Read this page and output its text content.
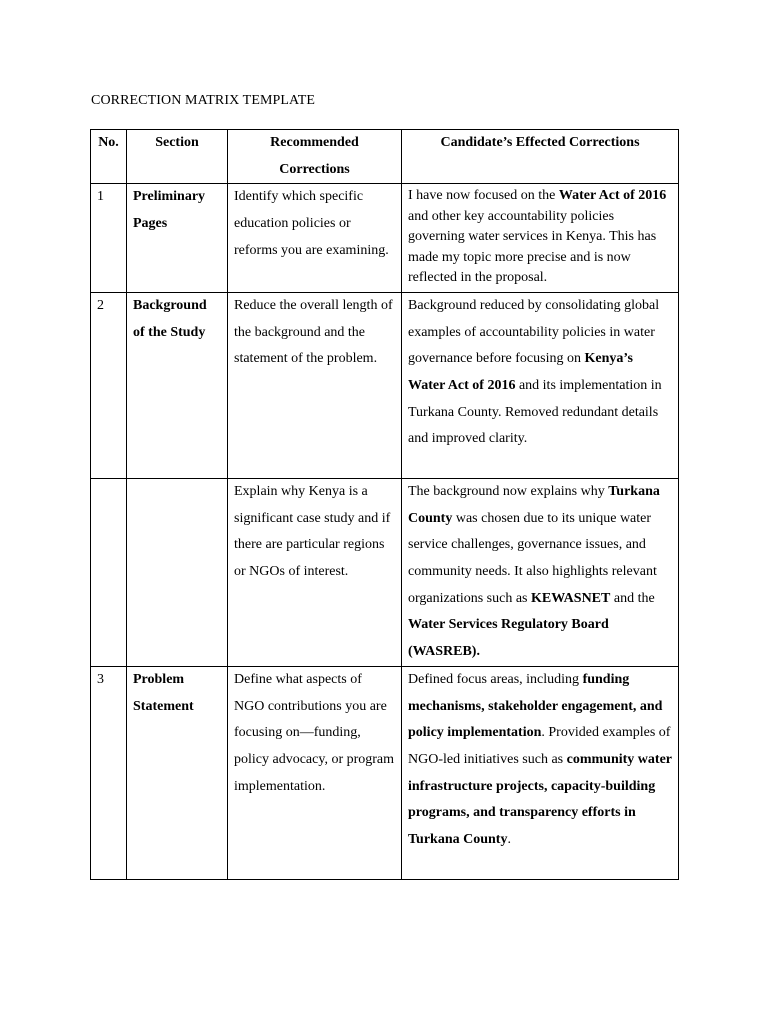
CORRECTION MATRIX TEMPLATE
No.	Section	Recommended Corrections	Candidate’s Effected Corrections
1	Preliminary Pages	Identify which specific education policies or reforms you are examining.	I have now focused on the Water Act of 2016 and other key accountability policies governing water services in Kenya. This has made my topic more precise and is now reflected in the proposal.
2	Background of the Study	Reduce the overall length of the background and the statement of the problem.	Background reduced by consolidating global examples of accountability policies in water governance before focusing on Kenya’s Water Act of 2016 and its implementation in Turkana County. Removed redundant details and improved clarity.
		Explain why Kenya is a significant case study and if there are particular regions or NGOs of interest.	The background now explains why Turkana County was chosen due to its unique water service challenges, governance issues, and community needs. It also highlights relevant organizations such as KEWASNET and the Water Services Regulatory Board (WASREB).
3	Problem Statement	Define what aspects of NGO contributions you are focusing on—funding, policy advocacy, or program implementation.	Defined focus areas, including funding mechanisms, stakeholder engagement, and policy implementation. Provided examples of NGO-led initiatives such as community water infrastructure projects, capacity-building programs, and transparency efforts in Turkana County.
